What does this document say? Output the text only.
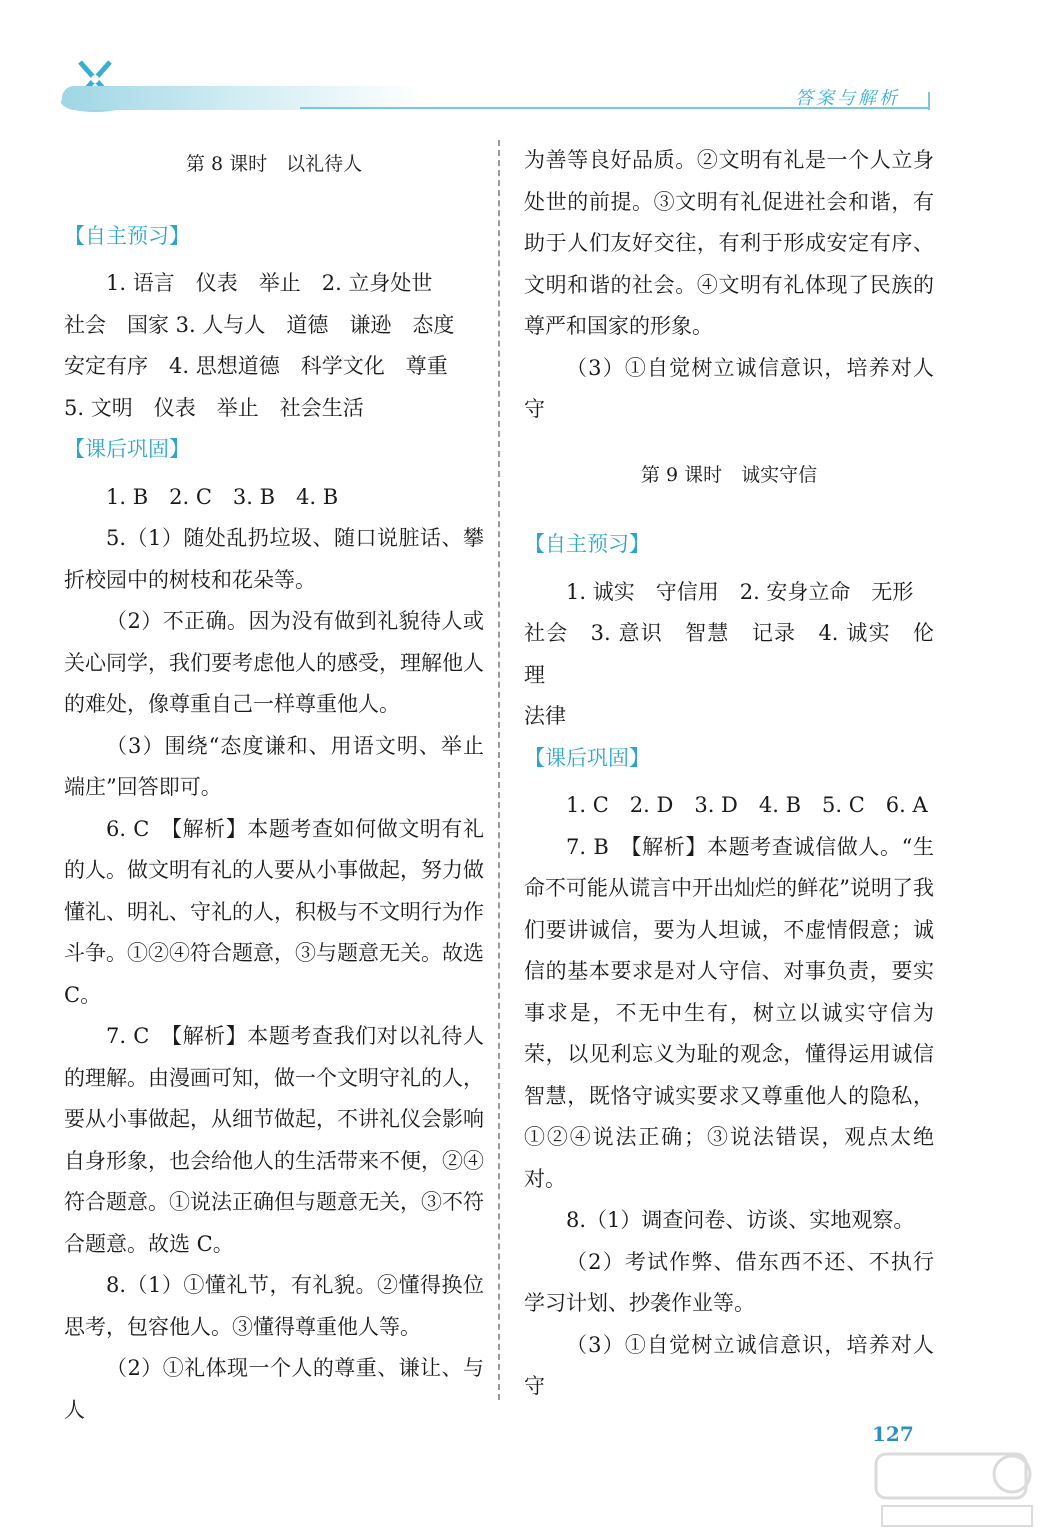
答案与解析

第 8 课时　以礼待人

【自主预习】

1. 语言　仪表　举止　2. 立身处世

社会　国家 3. 人与人　道德　谦逊　态度

安定有序　4. 思想道德　科学文化　尊重

5. 文明　仪表　举止　社会生活

【课后巩固】

1. B　2. C　3. B　4. B

5.（1）随处乱扔垃圾、随口说脏话、攀折校园中的树枝和花朵等。

（2）不正确。因为没有做到礼貌待人或关心同学，我们要考虑他人的感受，理解他人的难处，像尊重自己一样尊重他人。

（3）围绕“态度谦和、用语文明、举止端庄”回答即可。

6. C　【解析】本题考查如何做文明有礼的人。做文明有礼的人要从小事做起，努力做懂礼、明礼、守礼的人，积极与不文明行为作斗争。①②④符合题意，③与题意无关。故选 C。

7. C　【解析】本题考查我们对以礼待人的理解。由漫画可知，做一个文明守礼的人，要从小事做起，从细节做起，不讲礼仪会影响自身形象，也会给他人的生活带来不便，②④符合题意。①说法正确但与题意无关，③不符合题意。故选 C。

8.（1）①懂礼节，有礼貌。②懂得换位思考，包容他人。③懂得尊重他人等。

（2）①礼体现一个人的尊重、谦让、与人

为善等良好品质。②文明有礼是一个人立身处世的前提。③文明有礼促进社会和谐，有助于人们友好交往，有利于形成安定有序、文明和谐的社会。④文明有礼体现了民族的尊严和国家的形象。

（3）①自觉树立诚信意识，培养对人守

第 9 课时　诚实守信

【自主预习】

1. 诚实　守信用　2. 安身立命　无形

社会　3. 意识　智慧　记录　4. 诚实　伦理

法律

【课后巩固】

1. C　2. D　3. D　4. B　5. C　6. A

7. B　【解析】本题考查诚信做人。“生命不可能从谎言中开出灿烂的鲜花”说明了我们要讲诚信，要为人坦诚，不虚情假意；诚信的基本要求是对人守信、对事负责，要实事求是，不无中生有，树立以诚实守信为荣，以见利忘义为耻的观念，懂得运用诚信智慧，既恪守诚实要求又尊重他人的隐私，①②④说法正确；③说法错误，观点太绝对。

8.（1）调查问卷、访谈、实地观察。

（2）考试作弊、借东西不还、不执行学习计划、抄袭作业等。

（3）①自觉树立诚信意识，培养对人守

127
